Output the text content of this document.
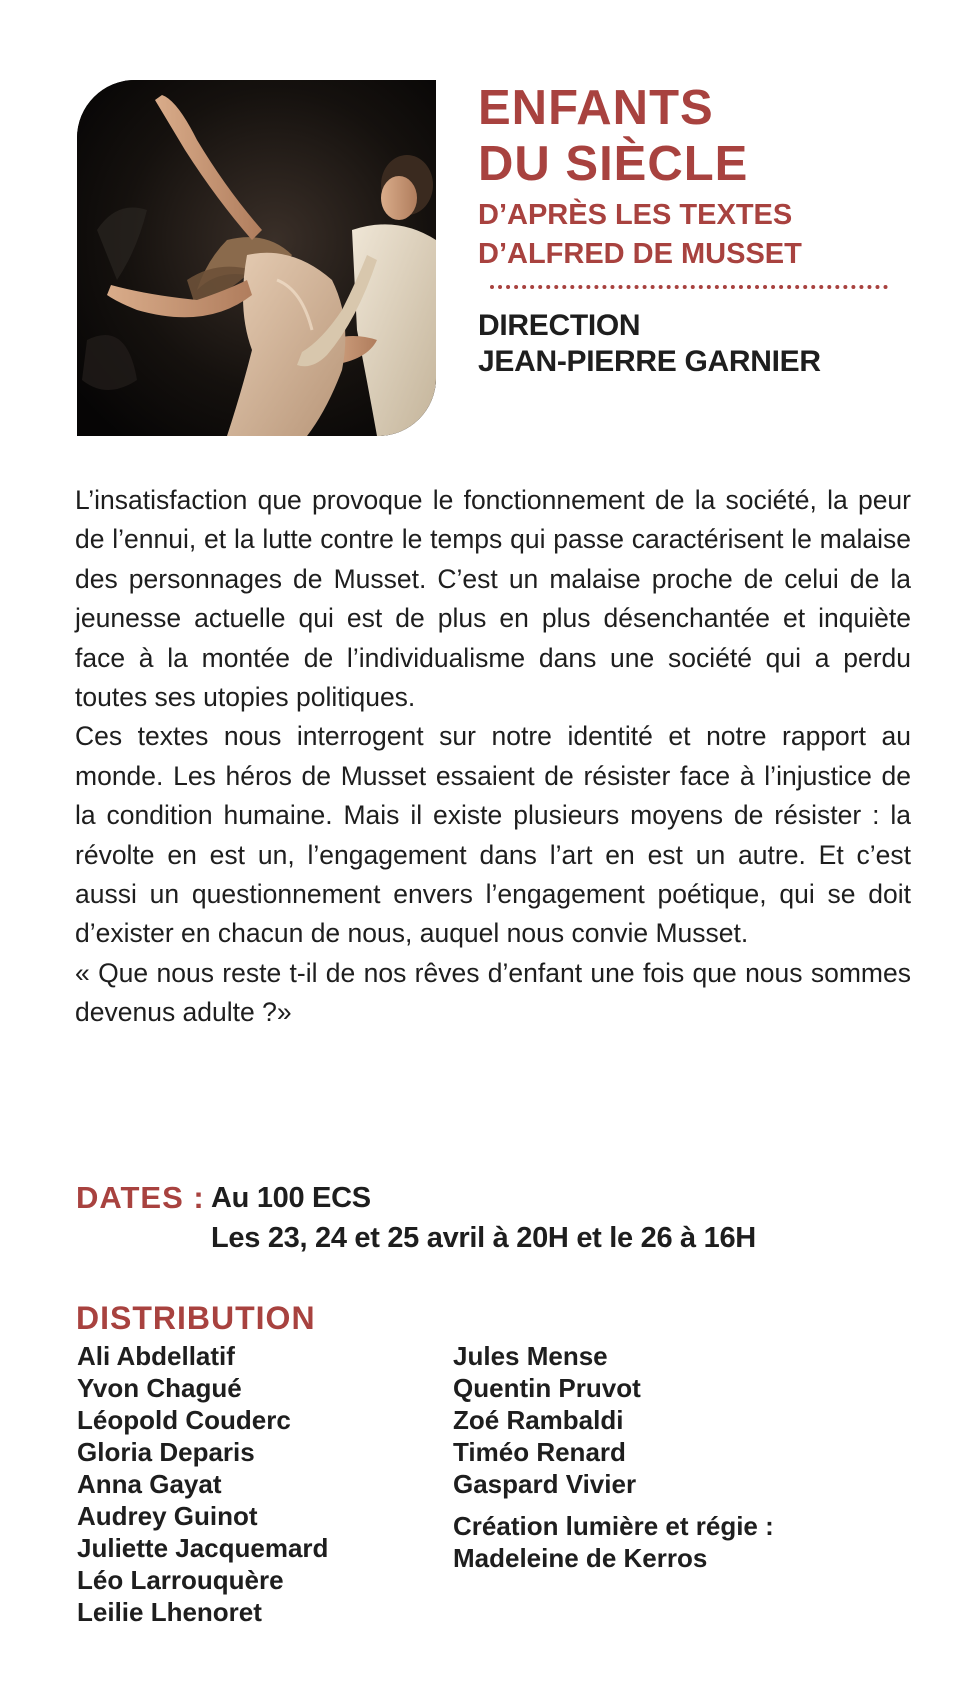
ENFANTS
DU SIÈCLE
D’APRÈS LES TEXTES
D’ALFRED DE MUSSET
DIRECTION
JEAN-PIERRE GARNIER

L’insatisfaction que provoque le fonctionnement de la société, la peur de l’ennui, et la lutte contre le temps qui passe caractérisent le malaise des personnages de Musset. C’est un malaise proche de celui de la jeunesse actuelle qui est de plus en plus désenchantée et inquiète face à la montée de l’individualisme dans une société qui a perdu toutes ses utopies politiques.

Ces textes nous interrogent sur notre identité et notre rapport au monde. Les héros de Musset essaient de résister face à l’injustice de la condition humaine. Mais il existe plusieurs moyens de résister : la révolte en est un, l’engagement dans l’art en est un autre. Et c’est aussi un questionnement envers l’engagement poétique, qui se doit d’exister en chacun de nous, auquel nous convie Musset.

« Que nous reste t-il de nos rêves d’enfant une fois que nous sommes devenus adulte ?»

DATES : Au 100 ECS
Les 23, 24 et 25 avril à 20H et le 26 à 16H
DISTRIBUTION
Ali Abdellatif
Yvon Chagué
Léopold Couderc
Gloria Deparis
Anna Gayat
Audrey Guinot
Juliette Jacquemard
Léo Larrouquère
Leilie Lhenoret
Jules Mense
Quentin Pruvot
Zoé Rambaldi
Timéo Renard
Gaspard Vivier
Création lumière et régie :
Madeleine de Kerros
